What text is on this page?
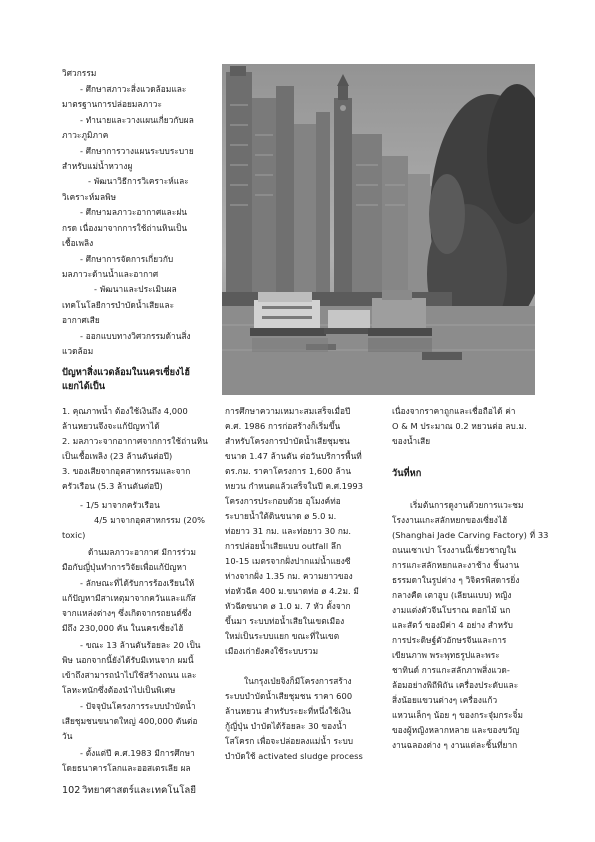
วิศวกรรม
- ศึกษาสภาวะสิ่งแวดล้อมและ
มาตรฐานการปล่อยมลภาวะ
- ทำนายและวางแผนเกี่ยวกับผล
ภาวะภูมิภาค
- ศึกษาการวางแผนระบบระบาย
สำหรับแม่น้ำหวางผู
- พัฒนาวิธีการวิเคราะห์และ
วิเคราะห์มลพิษ
- ศึกษามลภาวะอากาศและฝน
กรด เนื่องมาจากการใช้ถ่านหินเป็น
เชื้อเพลิง
- ศึกษาการจัดการเกี่ยวกับ
มลภาวะด้านน้ำและอากาศ
- พัฒนาและประเมินผล
เทคโนโลยีการบำบัดน้ำเสียและ
อากาศเสีย
- ออกแบบทางวิศวกรรมด้านสิ่ง
แวดล้อม
ปัญหาสิ่งแวดล้อมในนครเซี่ยงไฮ้
แยกได้เป็น
1. คุณภาพน้ำ ต้องใช้เงินถึง 4,000
ล้านหยวนจึงจะแก้ปัญหาได้
2. มลภาวะจากอากาศจากการใช้ถ่านหิน
เป็นเชื้อเพลิง (23 ล้านตันต่อปี)
3. ของเสียจากอุตสาหกรรมและจาก
ครัวเรือน (5.3 ล้านตันต่อปี)
- 1/5 มาจากครัวเรือน
4/5 มาจากอุตสาหกรรม (20%
toxic)
ด้านมลภาวะอากาศ มีการร่วม
มือกับญี่ปุ่นทำการวิจัยเพื่อแก้ปัญหา
- ลักษณะที่ได้รับการร้องเรียนให้
แก้ปัญหามีสาเหตุมาจากควันและแก๊ส
จากแหล่งต่างๆ ซึ่งเกิดจากรถยนต์ซึ่ง
มีถึง 230,000 คัน ในนครเซี่ยงไฮ้
- ขณะ 13 ล้านตันร้อยละ 20 เป็น
พิษ นอกจากนี้ยังได้รับมีเทนจาก ผมนี้
เข้าถึงสามารถนำไปใช้สร้างถนน และ
โลหะหนักซึ่งต้องนำไปเป็นพิเศษ
- ปัจจุบันโครงการระบบบำบัดน้ำ
เสียชุมชนขนาดใหญ่ 400,000 ตันต่อ
วัน
- ตั้งแต่ปี ค.ศ.1983 มีการศึกษา
โดยธนาคารโลกและออสเตรเลีย ผล
การศึกษาความเหมาะสมเสร็จเมื่อปี
ค.ศ. 1986 การก่อสร้างก็เริ่มขึ้น
สำหรับโครงการบำบัดน้ำเสียชุมชน
ขนาด 1.47 ล้านตัน ต่อวันบริการพื้นที่
ตร.กม. ราคาโครงการ 1,600 ล้าน
หยวน กำหนดแล้วเสร็จในปี ค.ศ.1993
โครงการประกอบด้วย อุโมงค์ท่อ
ระบายน้ำใต้ดินขนาด ø 5.0 ม.
ท่อยาว 31 กม. และท่อยาว 30 กม.
การปล่อยน้ำเสียแบบ outfall ลึก
10-15 เมตรจากฝั่งปากแม่น้ำแยงซี
ห่างจากฝั่ง 1.35 กม. ความยาวของ
ท่อหัวฉีด 400 ม.ขนาดท่อ ø 4.2ม. มี
หัวฉีดขนาด ø 1.0 ม. 7 หัว ตั้งจาก
ขึ้นมา ระบบท่อน้ำเสียในเขตเมือง
ใหม่เป็นระบบแยก ขณะที่ในเขต
เมืองเก่ายังคงใช้ระบบรวม
ในกรุงเป่ยจิงก็มีโครงการสร้าง
ระบบบำบัดน้ำเสียชุมชน ราคา 600
ล้านหยวน สำหรับระยะที่หนึ่งใช้เงิน
กู้ญี่ปุ่น บำบัดได้ร้อยละ 30 ของน้ำ
โสโครก เพื่อจะปล่อยลงแม่น้ำ ระบบ
บำบัดใช้ activated sludge process
เนื่องจากราคาถูกและเชื่อถือได้ ค่า
O & M ประมาณ 0.2 หยวนต่อ ลบ.ม.
ของน้ำเสีย
วันที่หก
เริ่มต้นการดูงานด้วยการแวะชม
โรงงานแกะสลักหยกของเซี่ยงไฮ้
(Shanghai Jade Carving Factory) ที่ 33
ถนนเซาเปา โรงงานนี้เชี่ยวชาญใน
การแกะสลักหยกและงาช้าง ชิ้นงาน
ธรรมดาในรูปต่าง ๆ วิจิตรพิสดารยิ่ง
กลางคืด เตาอูบ (เลียนแบบ) หญิง
งามแต่งตัวจีนโบราณ ดอกไม้ นก
และสัตว์ ของมีค่า 4 อย่าง สำหรับ
การประดิษฐ์ตัวอักษรจีนและการ
เขียนภาพ พระพุทธรูปและพระ
ชาทินด์ การแกะสลักภาพสิ่งแวด-
ล้อมอย่างพิถีพิถัน เครื่องประดับและ
สิ่งน้อยแขวนต่างๆ เครื่องแก้ว
แหวนเล็กๆ น้อย ๆ ของกระจุ๋มกระจิ๋ม
ของผู้หญิงหลากหลาย และของขวัญ
งานฉลองต่าง ๆ งานแต่ละชิ้นที่ยาก
102 วิทยาศาสตร์และเทคโนโลยี
